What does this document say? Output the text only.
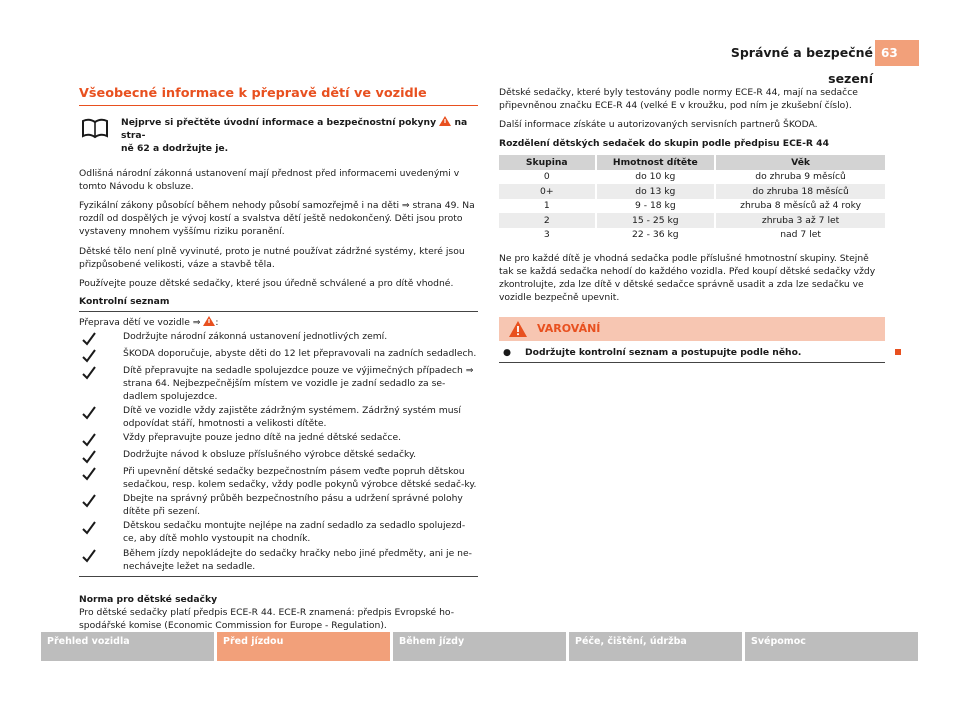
Správné a bezpečné sezení
63
Všeobecné informace k přepravě dětí ve vozidle
Nejprve si přečtěte úvodní informace a bezpečnostní pokyny na stra-
ně 62 a dodržujte je.

Odlišná národní zákonná ustanovení mají přednost před informacemi uvedenými v tomto Návodu k obsluze.

Fyzikální zákony působící během nehody působí samozřejmě i na děti ⇒ strana 49. Na rozdíl od dospělých je vývoj kostí a svalstva dětí ještě nedokončený. Děti jsou proto vystaveny mnohem vyššímu riziku poranění.

Dětské tělo není plně vyvinuté, proto je nutné používat zádržné systémy, které jsou přizpůsobené velikosti, váze a stavbě těla.

Používejte pouze dětské sedačky, které jsou úředně schválené a pro dítě vhodné.

Kontrolní seznam

Přeprava dětí ve vozidle ⇒ :

Dodržujte národní zákonná ustanovení jednotlivých zemí.
ŠKODA doporučuje, abyste děti do 12 let přepravovali na zadních sedadlech.
Dítě přepravujte na sedadle spolujezdce pouze ve výjimečných případech ⇒ strana 64. Nejbezpečnějším místem ve vozidle je zadní sedadlo za se-dadlem spolujezdce.
Dítě ve vozidle vždy zajistěte zádržným systémem. Zádržný systém musí odpovídat stáří, hmotnosti a velikosti dítěte.
Vždy přepravujte pouze jedno dítě na jedné dětské sedačce.
Dodržujte návod k obsluze příslušného výrobce dětské sedačky.
Při upevnění dětské sedačky bezpečnostním pásem veďte popruh dětskou sedačkou, resp. kolem sedačky, vždy podle pokynů výrobce dětské sedač-ky.
Dbejte na správný průběh bezpečnostního pásu a udržení správné polohy dítěte při sezení.
Dětskou sedačku montujte nejlépe na zadní sedadlo za sedadlo spolujezd-ce, aby dítě mohlo vystoupit na chodník.
Během jízdy nepokládejte do sedačky hračky nebo jiné předměty, ani je ne-nechávejte ležet na sedadle.
Norma pro dětské sedačky
Pro dětské sedačky platí předpis ECE-R 44. ECE-R znamená: předpis Evropské ho-spodářské komise (Economic Commission for Europe - Regulation).

Dětské sedačky, které byly testovány podle normy ECE-R 44, mají na sedačce připevněnou značku ECE-R 44 (velké E v kroužku, pod ním je zkušební číslo).

Další informace získáte u autorizovaných servisních partnerů ŠKODA.

Rozdělení dětských sedaček do skupin podle předpisu ECE-R 44

Skupina	Hmotnost dítěte	Věk
0	do 10 kg	do zhruba 9 měsíců
0+	do 13 kg	do zhruba 18 měsíců
1	9 - 18 kg	zhruba 8 měsíců až 4 roky
2	15 - 25 kg	zhruba 3 až 7 let
3	22 - 36 kg	nad 7 let

Ne pro každé dítě je vhodná sedačka podle příslušné hmotnostní skupiny. Stejně tak se každá sedačka nehodí do každého vozidla. Před koupí dětské sedačky vždy zkontrolujte, zda lze dítě v dětské sedačce správně usadit a zda lze sedačku ve vozidle bezpečně upevnit.

VAROVÁNÍ
●	Dodržujte kontrolní seznam a postupujte podle něho.
Přehled vozidla	Před jízdou	Během jízdy	Péče, čištění, údržba	Svépomoc
